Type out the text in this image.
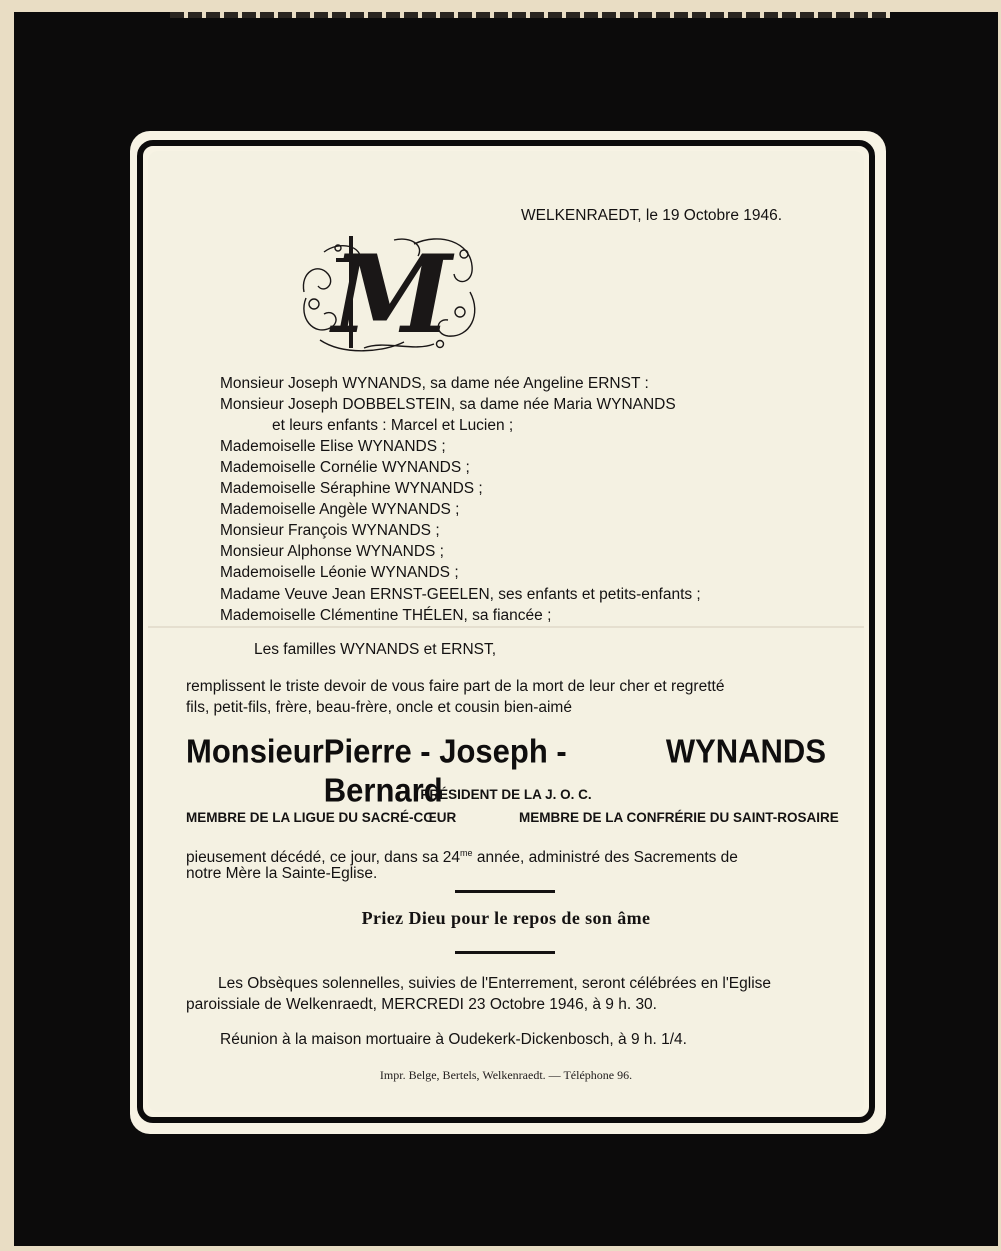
WELKENRAEDT, le 19 Octobre 1946.
M
Monsieur Joseph WYNANDS, sa dame née Angeline ERNST :
Monsieur Joseph DOBBELSTEIN, sa dame née Maria WYNANDS
et leurs enfants : Marcel et Lucien ;
Mademoiselle Elise WYNANDS ;
Mademoiselle Cornélie WYNANDS ;
Mademoiselle Séraphine WYNANDS ;
Mademoiselle Angèle WYNANDS ;
Monsieur François WYNANDS ;
Monsieur Alphonse WYNANDS ;
Mademoiselle Léonie WYNANDS ;
Madame Veuve Jean ERNST-GEELEN, ses enfants et petits-enfants ;
Mademoiselle Clémentine THÉLEN, sa fiancée ;
Les familles WYNANDS et ERNST,
remplissent le triste devoir de vous faire part de la mort de leur cher et regretté
fils, petit-fils, frère, beau-frère, oncle et cousin bien-aimé
Monsieur Pierre - Joseph - Bernard
WYNANDS
PRÉSIDENT DE LA J. O. C.
MEMBRE DE LA LIGUE DU SACRÉ-CŒUR	MEMBRE DE LA CONFRÉRIE DU SAINT-ROSAIRE
pieusement décédé, ce jour, dans sa $24^{me}$ année, administré des Sacrements de
notre Mère la Sainte-Eglise.
Priez Dieu pour le repos de son âme
Les Obsèques solennelles, suivies de l'Enterrement, seront célébrées en l'Eglise
paroissiale de Welkenraedt, MERCREDI 23 Octobre 1946, à 9 h. 30.
Réunion à la maison mortuaire à Oudekerk-Dickenbosch, à 9 h. 1/4.
Impr. Belge, Bertels, Welkenraedt. — Téléphone 96.
